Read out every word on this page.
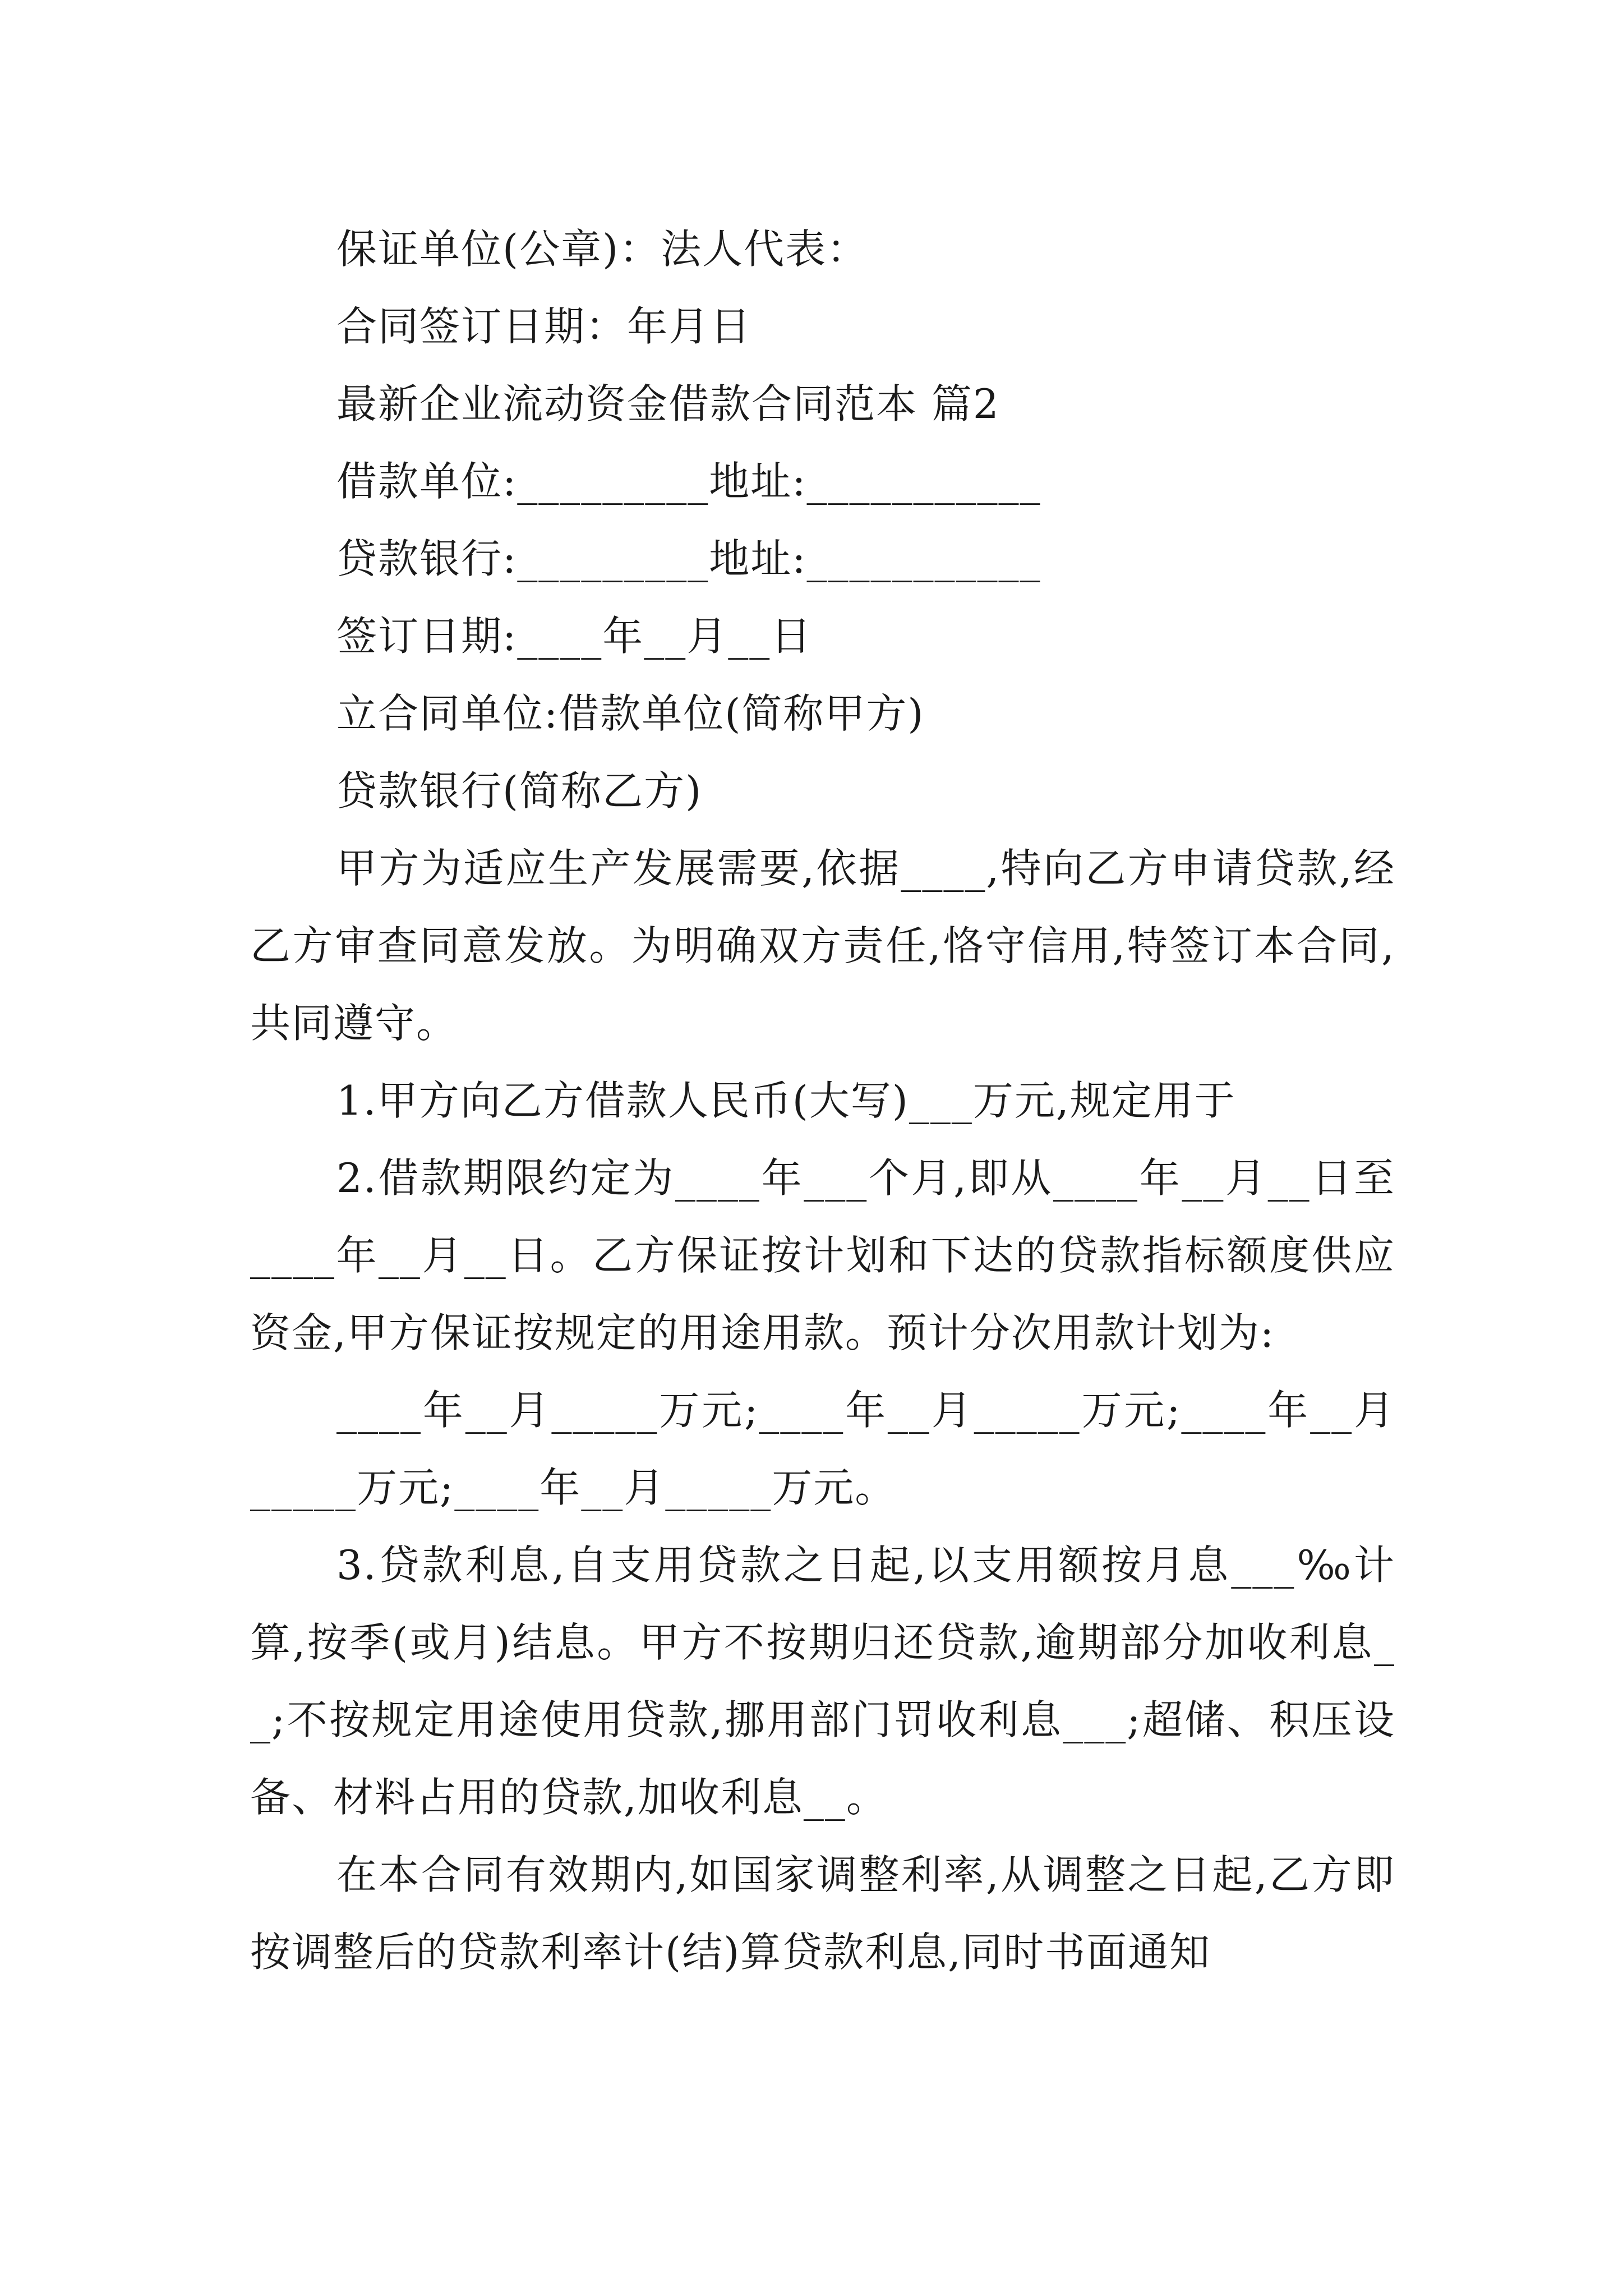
保证单位(公章)：法人代表：
合同签订日期：年月日
最新企业流动资金借款合同范本 篇2
借款单位:_________地址:___________
贷款银行:_________地址:___________
签订日期:____年__月__日
立合同单位:借款单位(简称甲方)
贷款银行(简称乙方)
甲方为适应生产发展需要,依据____,特向乙方申请贷款,经乙方审查同意发放。为明确双方责任,恪守信用,特签订本合同,共同遵守。
1.甲方向乙方借款人民币(大写)___万元,规定用于
2.借款期限约定为____年___个月,即从____年__月__日至____年__月__日。乙方保证按计划和下达的贷款指标额度供应资金,甲方保证按规定的用途用款。预计分次用款计划为:
____年__月_____万元;____年__月_____万元;____年__月_____万元;____年__月_____万元。
3.贷款利息,自支用贷款之日起,以支用额按月息___‰计算,按季(或月)结息。甲方不按期归还贷款,逾期部分加收利息__;不按规定用途使用贷款,挪用部门罚收利息___;超储、积压设备、材料占用的贷款,加收利息__。
在本合同有效期内,如国家调整利率,从调整之日起,乙方即按调整后的贷款利率计(结)算贷款利息,同时书面通知
